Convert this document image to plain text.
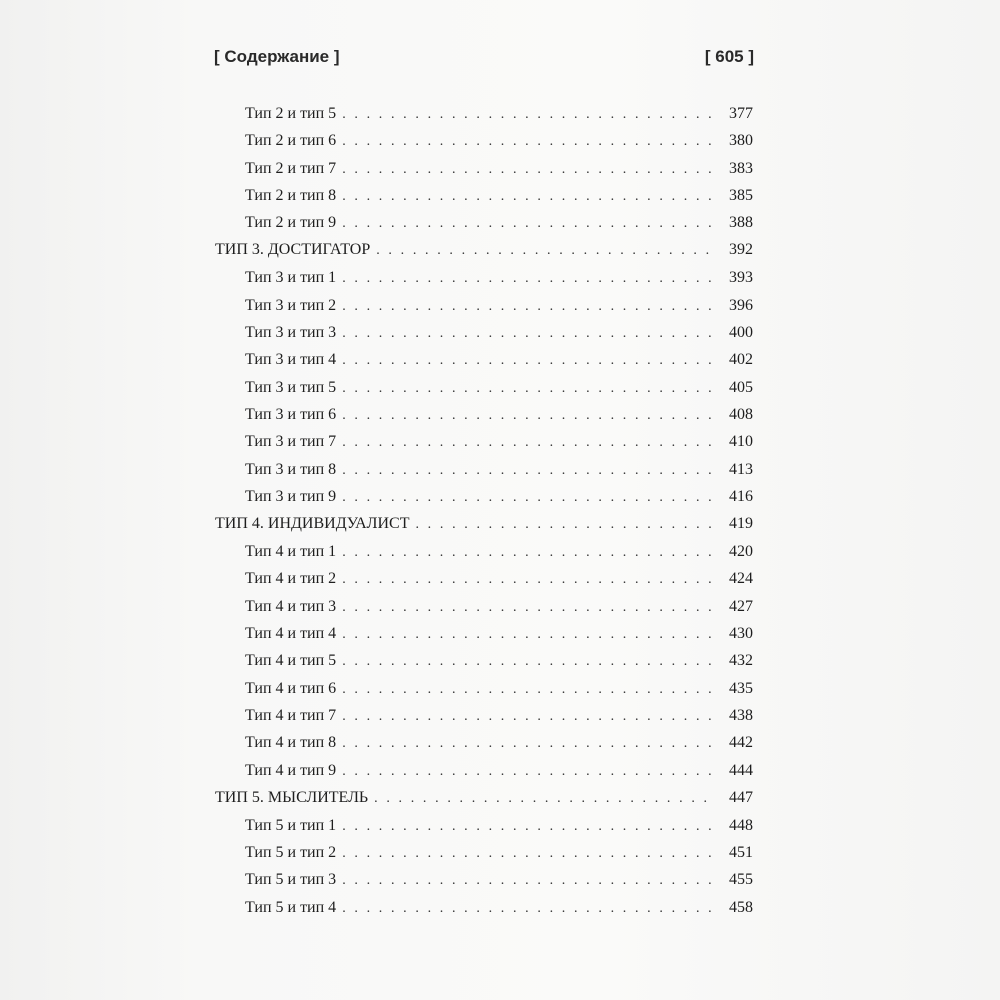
[ Содержание ]	[ 605 ]
Тип 2 и тип 5 . . .	377
Тип 2 и тип 6 . . .	380
Тип 2 и тип 7 . . .	383
Тип 2 и тип 8 . . .	385
Тип 2 и тип 9 . . .	388
ТИП 3. ДОСТИГАТОР . . .	392
Тип 3 и тип 1 . . .	393
Тип 3 и тип 2 . . .	396
Тип 3 и тип 3 . . .	400
Тип 3 и тип 4 . . .	402
Тип 3 и тип 5 . . .	405
Тип 3 и тип 6 . . .	408
Тип 3 и тип 7 . . .	410
Тип 3 и тип 8 . . .	413
Тип 3 и тип 9 . . .	416
ТИП 4. ИНДИВИДУАЛИСТ . . .	419
Тип 4 и тип 1 . . .	420
Тип 4 и тип 2 . . .	424
Тип 4 и тип 3 . . .	427
Тип 4 и тип 4 . . .	430
Тип 4 и тип 5 . . .	432
Тип 4 и тип 6 . . .	435
Тип 4 и тип 7 . . .	438
Тип 4 и тип 8 . . .	442
Тип 4 и тип 9 . . .	444
ТИП 5. МЫСЛИТЕЛЬ . . .	447
Тип 5 и тип 1 . . .	448
Тип 5 и тип 2 . . .	451
Тип 5 и тип 3 . . .	455
Тип 5 и тип 4 . . .	458
